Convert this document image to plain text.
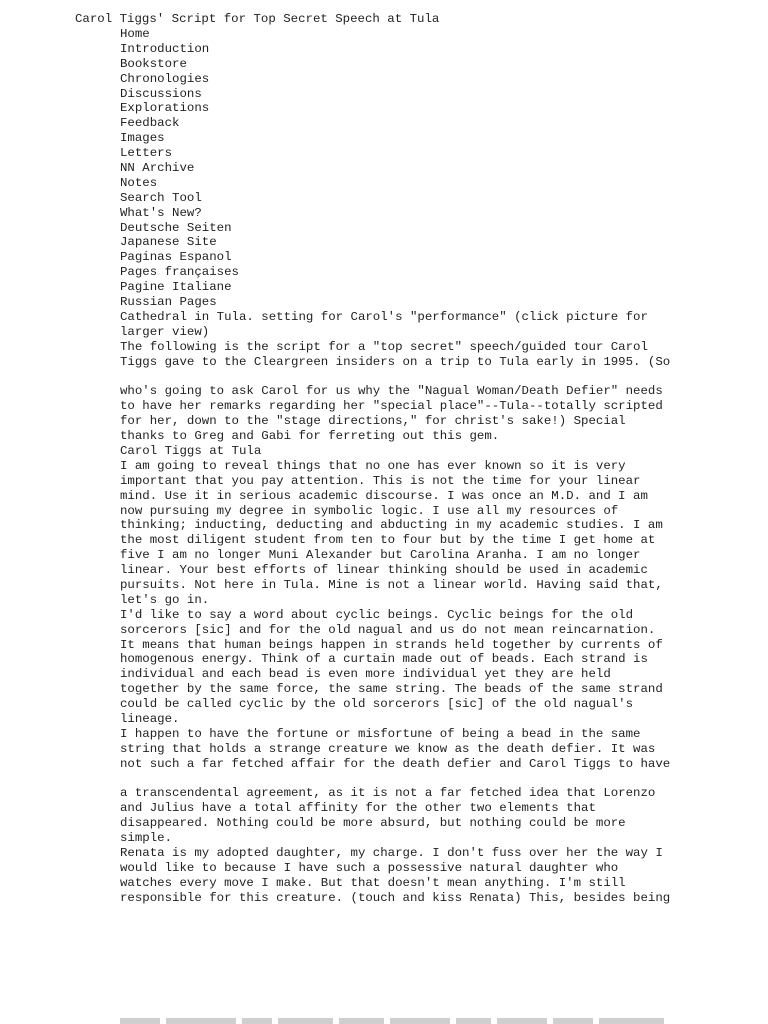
Carol Tiggs' Script for Top Secret Speech at Tula
Home
Introduction
Bookstore
Chronologies
Discussions
Explorations
Feedback
Images
Letters
NN Archive
Notes
Search Tool
What's New?
Deutsche Seiten
Japanese Site
Paginas Espanol
Pages françaises
Pagine Italiane
Russian Pages
Cathedral in Tula. setting for Carol's "performance" (click picture for
larger view)
The following is the script for a "top secret" speech/guided tour Carol
Tiggs gave to the Cleargreen insiders on a trip to Tula early in 1995. (So
who's going to ask Carol for us why the "Nagual Woman/Death Defier" needs
to have her remarks regarding her "special place"--Tula--totally scripted
for her, down to the "stage directions," for christ's sake!) Special
thanks to Greg and Gabi for ferreting out this gem.
Carol Tiggs at Tula
I am going to reveal things that no one has ever known so it is very
important that you pay attention. This is not the time for your linear
mind. Use it in serious academic discourse. I was once an M.D. and I am
now pursuing my degree in symbolic logic. I use all my resources of
thinking; inducting, deducting and abducting in my academic studies. I am
the most diligent student from ten to four but by the time I get home at
five I am no longer Muni Alexander but Carolina Aranha. I am no longer
linear. Your best efforts of linear thinking should be used in academic
pursuits. Not here in Tula. Mine is not a linear world. Having said that,
let's go in.
I'd like to say a word about cyclic beings. Cyclic beings for the old
sorcerors [sic] and for the old nagual and us do not mean reincarnation.
It means that human beings happen in strands held together by currents of
homogenous energy. Think of a curtain made out of beads. Each strand is
individual and each bead is even more individual yet they are held
together by the same force, the same string. The beads of the same strand
could be called cyclic by the old sorcerors [sic] of the old nagual's
lineage.
I happen to have the fortune or misfortune of being a bead in the same
string that holds a strange creature we know as the death defier. It was
not such a far fetched affair for the death defier and Carol Tiggs to have
a transcendental agreement, as it is not a far fetched idea that Lorenzo
and Julius have a total affinity for the other two elements that
disappeared. Nothing could be more absurd, but nothing could be more
simple.
Renata is my adopted daughter, my charge. I don't fuss over her the way I
would like to because I have such a possessive natural daughter who
watches every move I make. But that doesn't mean anything. I'm still
responsible for this creature. (touch and kiss Renata) This, besides being
